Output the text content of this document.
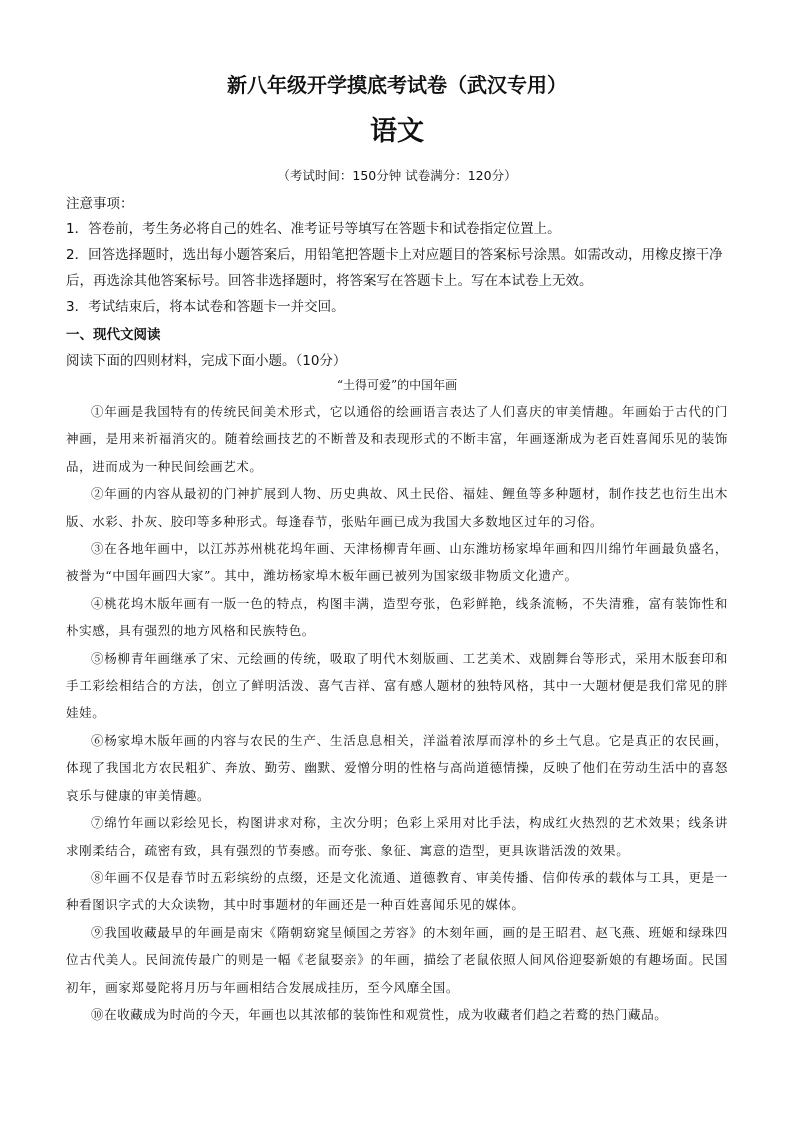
新八年级开学摸底考试卷（武汉专用）
语文
（考试时间：150分钟 试卷满分：120分）
注意事项：

1．答卷前，考生务必将自己的姓名、准考证号等填写在答题卡和试卷指定位置上。

2．回答选择题时，选出每小题答案后，用铅笔把答题卡上对应题目的答案标号涂黑。如需改动，用橡皮擦干净后，再选涂其他答案标号。回答非选择题时，将答案写在答题卡上。写在本试卷上无效。

3．考试结束后，将本试卷和答题卡一并交回。

一、现代文阅读

阅读下面的四则材料，完成下面小题。（10分）

“土得可爱”的中国年画

①年画是我国特有的传统民间美术形式，它以通俗的绘画语言表达了人们喜庆的审美情趣。年画始于古代的门神画，是用来祈福消灾的。随着绘画技艺的不断普及和表现形式的不断丰富，年画逐渐成为老百姓喜闻乐见的装饰品，进而成为一种民间绘画艺术。

②年画的内容从最初的门神扩展到人物、历史典故、风土民俗、福娃、鲤鱼等多种题材，制作技艺也衍生出木版、水彩、扑灰、胶印等多种形式。每逢春节，张贴年画已成为我国大多数地区过年的习俗。

③在各地年画中，以江苏苏州桃花坞年画、天津杨柳青年画、山东潍坊杨家埠年画和四川绵竹年画最负盛名，被誉为“中国年画四大家”。其中，潍坊杨家埠木板年画已被列为国家级非物质文化遗产。

④桃花坞木版年画有一版一色的特点，构图丰满，造型夸张，色彩鲜艳，线条流畅，不失清雅，富有装饰性和朴实感，具有强烈的地方风格和民族特色。

⑤杨柳青年画继承了宋、元绘画的传统，吸取了明代木刻版画、工艺美术、戏剧舞台等形式，采用木版套印和手工彩绘相结合的方法，创立了鲜明活泼、喜气吉祥、富有感人题材的独特风格，其中一大题材便是我们常见的胖娃娃。

⑥杨家埠木版年画的内容与农民的生产、生活息息相关，洋溢着浓厚而淳朴的乡土气息。它是真正的农民画，体现了我国北方农民粗犷、奔放、勤劳、幽默、爱憎分明的性格与高尚道德情操，反映了他们在劳动生活中的喜怒哀乐与健康的审美情趣。

⑦绵竹年画以彩绘见长，构图讲求对称，主次分明；色彩上采用对比手法，构成红火热烈的艺术效果；线条讲求刚柔结合，疏密有致，具有强烈的节奏感。而夸张、象征、寓意的造型，更具诙谐活泼的效果。

⑧年画不仅是春节时五彩缤纷的点缀，还是文化流通、道德教育、审美传播、信仰传承的载体与工具，更是一种看图识字式的大众读物，其中时事题材的年画还是一种百姓喜闻乐见的媒体。

⑨我国收藏最早的年画是南宋《隋朝窈窕呈倾国之芳容》的木刻年画，画的是王昭君、赵飞燕、班姬和绿珠四位古代美人。民间流传最广的则是一幅《老鼠娶亲》的年画，描绘了老鼠依照人间风俗迎娶新娘的有趣场面。民国初年，画家郑曼陀将月历与年画相结合发展成挂历，至今风靡全国。

⑩在收藏成为时尚的今天，年画也以其浓郁的装饰性和观赏性，成为收藏者们趋之若鹜的热门藏品。
